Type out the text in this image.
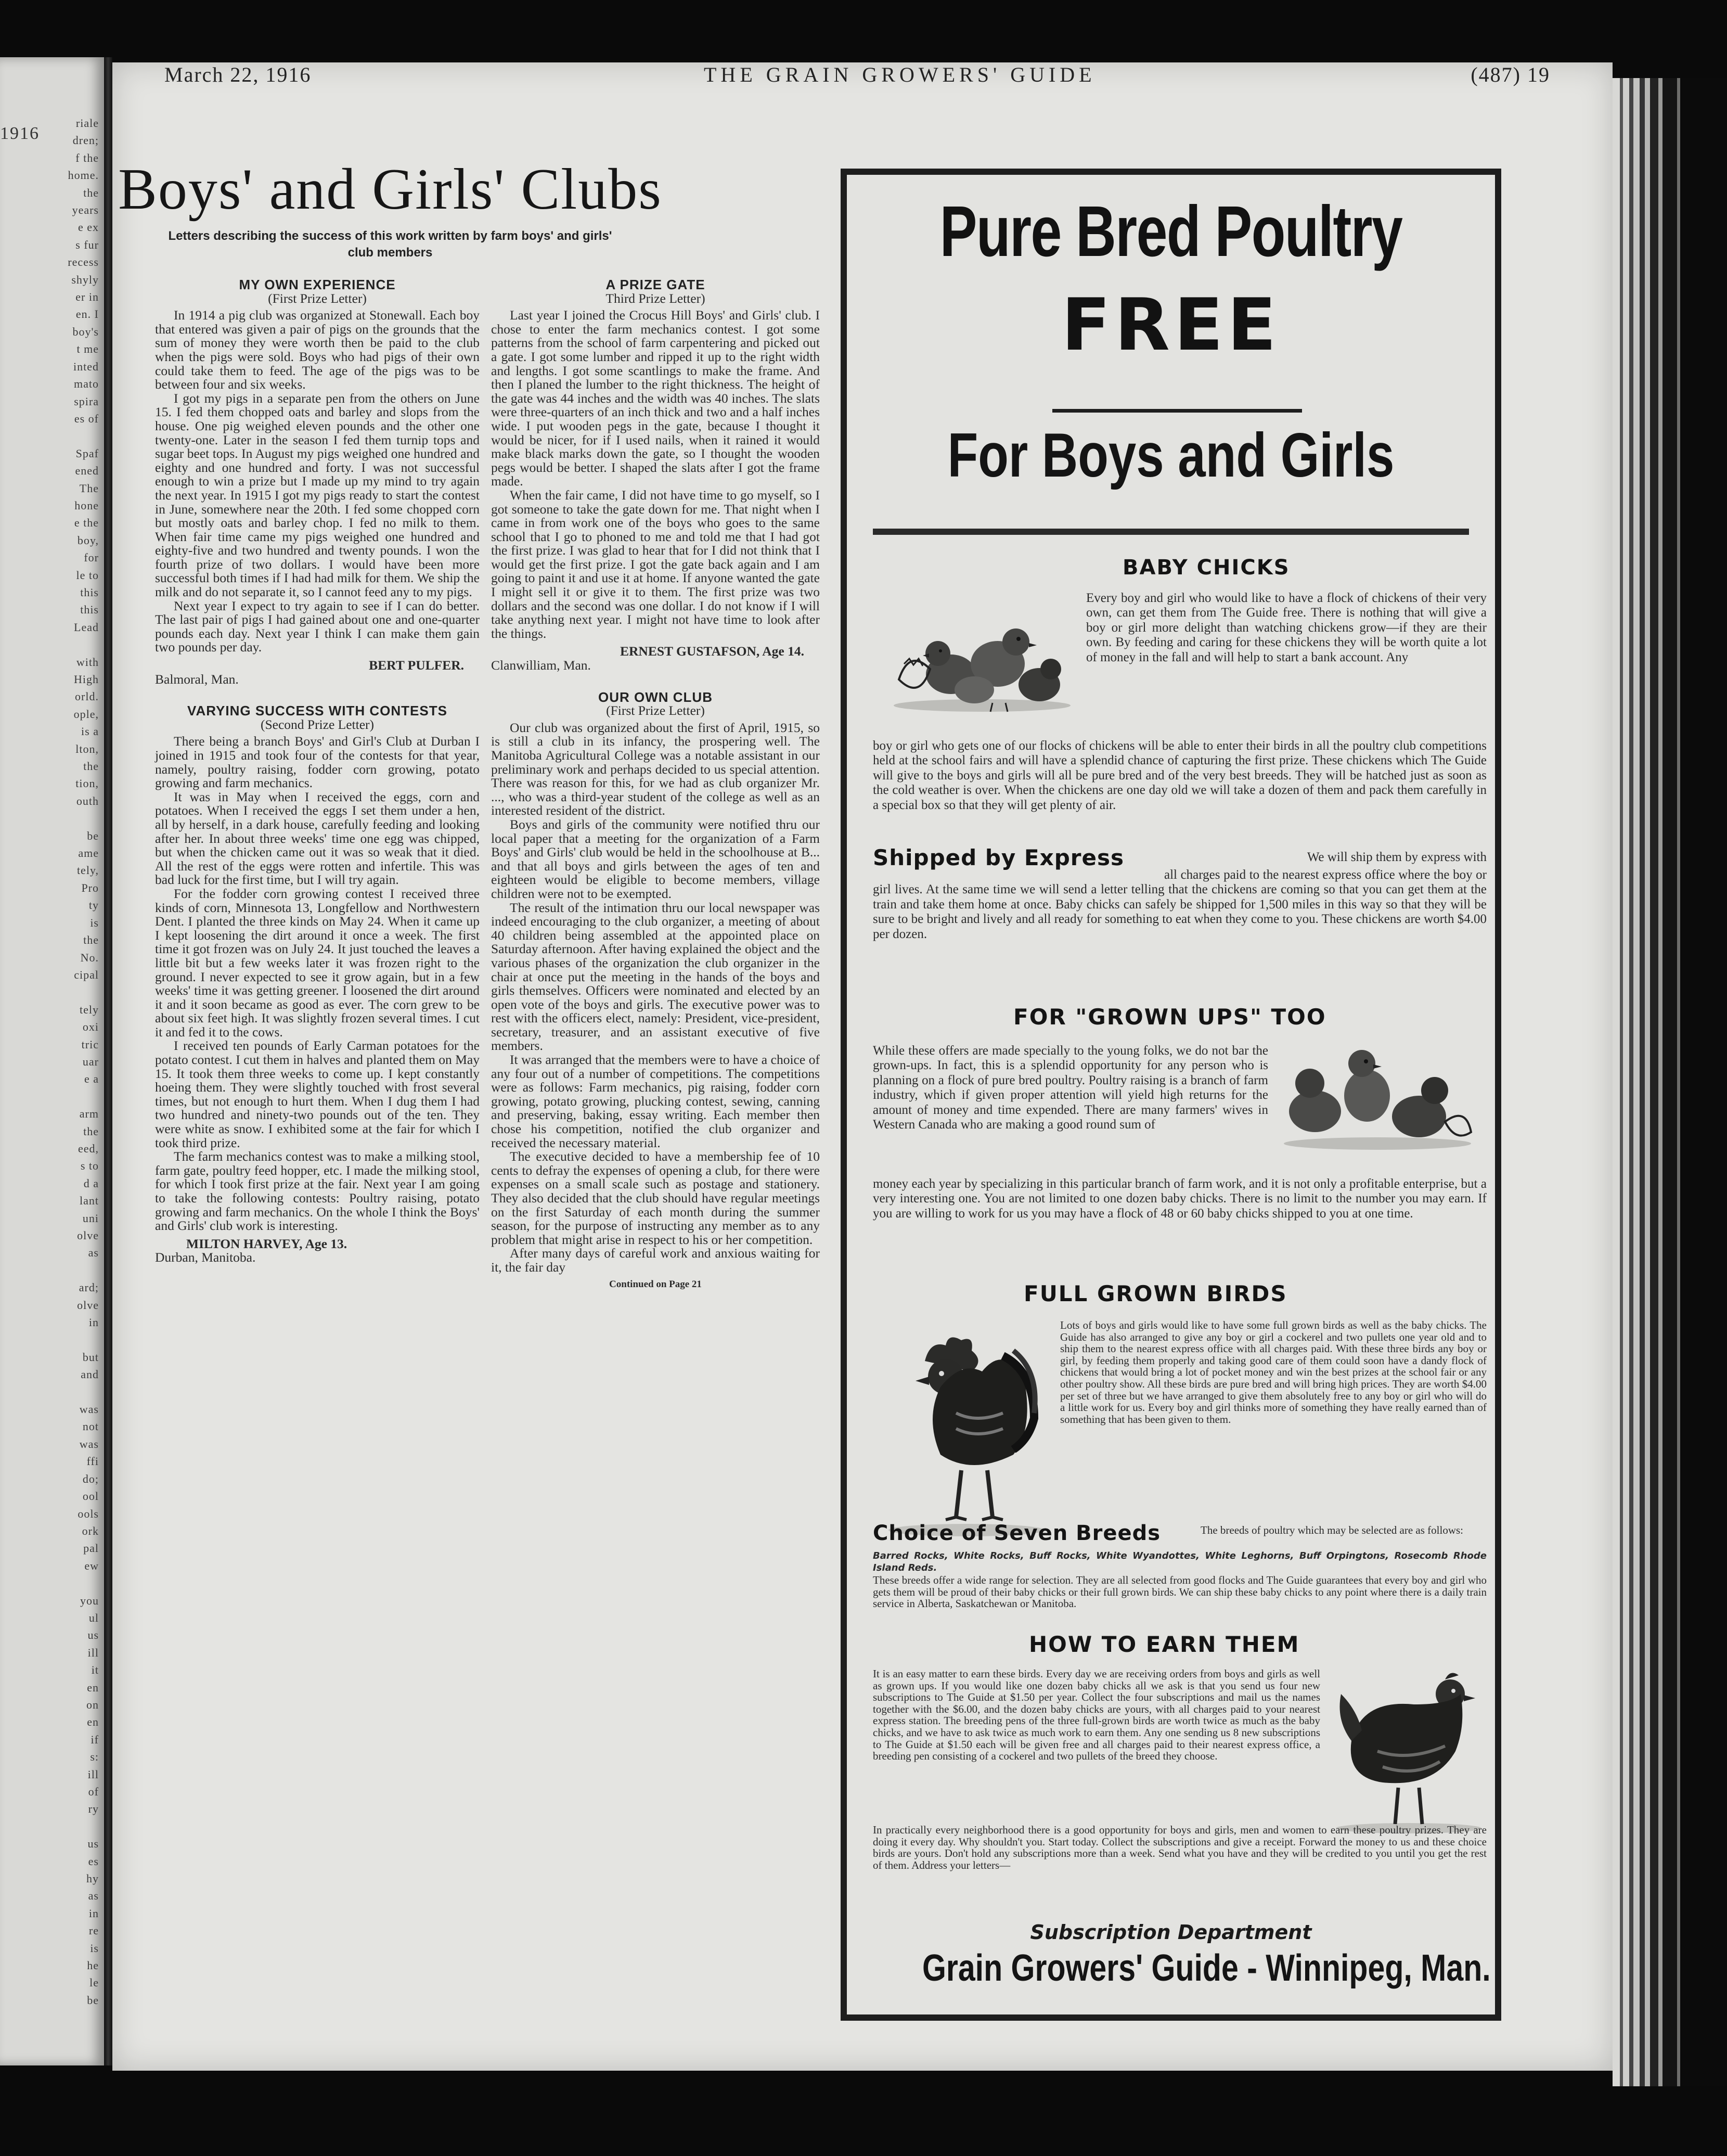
1916
riale
dren;
f the
home.
the
years
e ex
s fur
recess
shyly
er in
en. I
boy's
t me
inted
mato
spira
es of

Spaf
ened
The
hone
e the
boy,
for
le to
this
this
Lead

with
High
orld.
ople,
is a
lton,
the
tion,
outh

be
ame
tely,
Pro
ty
is
the
No.
cipal

tely
oxi
tric
uar
e a

arm
the
eed,
s to
d a
lant
uni
olve
as

ard;
olve
in

but
and

was
not
was
ffi
do;
ool
ools
ork
pal
ew

you
ul
us
ill
it
en
on
en
if
s:
ill
of
ry

us
es
hy
as
in
re
is
he
le
be
March 22, 1916	THE GRAIN GROWERS' GUIDE	(487) 19
Boys' and Girls' Clubs
Letters describing the success of this work written by farm boys' and girls' club members

MY OWN EXPERIENCE

(First Prize Letter)

In 1914 a pig club was organized at Stonewall. Each boy that entered was given a pair of pigs on the grounds that the sum of money they were worth then be paid to the club when the pigs were sold. Boys who had pigs of their own could take them to feed. The age of the pigs was to be between four and six weeks.

I got my pigs in a separate pen from the others on June 15. I fed them chopped oats and barley and slops from the house. One pig weighed eleven pounds and the other one twenty-one. Later in the season I fed them turnip tops and sugar beet tops. In August my pigs weighed one hundred and eighty and one hundred and forty. I was not successful enough to win a prize but I made up my mind to try again the next year. In 1915 I got my pigs ready to start the contest in June, somewhere near the 20th. I fed some chopped corn but mostly oats and barley chop. I fed no milk to them. When fair time came my pigs weighed one hundred and eighty-five and two hundred and twenty pounds. I won the fourth prize of two dollars. I would have been more successful both times if I had had milk for them. We ship the milk and do not separate it, so I cannot feed any to my pigs.

Next year I expect to try again to see if I can do better. The last pair of pigs I had gained about one and one-quarter pounds each day. Next year I think I can make them gain two pounds per day.

BERT PULFER.

Balmoral, Man.

VARYING SUCCESS WITH CONTESTS

(Second Prize Letter)

There being a branch Boys' and Girl's Club at Durban I joined in 1915 and took four of the contests for that year, namely, poultry raising, fodder corn growing, potato growing and farm mechanics.

It was in May when I received the eggs, corn and potatoes. When I received the eggs I set them under a hen, all by herself, in a dark house, carefully feeding and looking after her. In about three weeks' time one egg was chipped, but when the chicken came out it was so weak that it died. All the rest of the eggs were rotten and infertile. This was bad luck for the first time, but I will try again.

For the fodder corn growing contest I received three kinds of corn, Minnesota 13, Longfellow and Northwestern Dent. I planted the three kinds on May 24. When it came up I kept loosening the dirt around it once a week. The first time it got frozen was on July 24. It just touched the leaves a little bit but a few weeks later it was frozen right to the ground. I never expected to see it grow again, but in a few weeks' time it was getting greener. I loosened the dirt around it and it soon became as good as ever. The corn grew to be about six feet high. It was slightly frozen several times. I cut it and fed it to the cows.

I received ten pounds of Early Carman potatoes for the potato contest. I cut them in halves and planted them on May 15. It took them three weeks to come up. I kept constantly hoeing them. They were slightly touched with frost several times, but not enough to hurt them. When I dug them I had two hundred and ninety-two pounds out of the ten. They were white as snow. I exhibited some at the fair for which I took third prize.

The farm mechanics contest was to make a milking stool, farm gate, poultry feed hopper, etc. I made the milking stool, for which I took first prize at the fair. Next year I am going to take the following contests: Poultry raising, potato growing and farm mechanics. On the whole I think the Boys' and Girls' club work is interesting.

MILTON HARVEY, Age 13.

Durban, Manitoba.

A PRIZE GATE

Third Prize Letter)

Last year I joined the Crocus Hill Boys' and Girls' club. I chose to enter the farm mechanics contest. I got some patterns from the school of farm carpentering and picked out a gate. I got some lumber and ripped it up to the right width and lengths. I got some scantlings to make the frame. And then I planed the lumber to the right thickness. The height of the gate was 44 inches and the width was 40 inches. The slats were three-quarters of an inch thick and two and a half inches wide. I put wooden pegs in the gate, because I thought it would be nicer, for if I used nails, when it rained it would make black marks down the gate, so I thought the wooden pegs would be better. I shaped the slats after I got the frame made.

When the fair came, I did not have time to go myself, so I got someone to take the gate down for me. That night when I came in from work one of the boys who goes to the same school that I go to phoned to me and told me that I had got the first prize. I was glad to hear that for I did not think that I would get the first prize. I got the gate back again and I am going to paint it and use it at home. If anyone wanted the gate I might sell it or give it to them. The first prize was two dollars and the second was one dollar. I do not know if I will take anything next year. I might not have time to look after the things.

ERNEST GUSTAFSON, Age 14.

Clanwilliam, Man.

OUR OWN CLUB

(First Prize Letter)

Our club was organized about the first of April, 1915, so is still a club in its infancy, the prospering well. The Manitoba Agricultural College was a notable assistant in our preliminary work and perhaps decided to us special attention. There was reason for this, for we had as club organizer Mr. ..., who was a third-year student of the college as well as an interested resident of the district.

Boys and girls of the community were notified thru our local paper that a meeting for the organization of a Farm Boys' and Girls' club would be held in the schoolhouse at B... and that all boys and girls between the ages of ten and eighteen would be eligible to become members, village children were not to be exempted.

The result of the intimation thru our local newspaper was indeed encouraging to the club organizer, a meeting of about 40 children being assembled at the appointed place on Saturday afternoon. After having explained the object and the various phases of the organization the club organizer in the chair at once put the meeting in the hands of the boys and girls themselves. Officers were nominated and elected by an open vote of the boys and girls. The executive power was to rest with the officers elect, namely: President, vice-president, secretary, treasurer, and an assistant executive of five members.

It was arranged that the members were to have a choice of any four out of a number of competitions. The competitions were as follows: Farm mechanics, pig raising, fodder corn growing, potato growing, plucking contest, sewing, canning and preserving, baking, essay writing. Each member then chose his competition, notified the club organizer and received the necessary material.

The executive decided to have a membership fee of 10 cents to defray the expenses of opening a club, for there were expenses on a small scale such as postage and stationery. They also decided that the club should have regular meetings on the first Saturday of each month during the summer season, for the purpose of instructing any member as to any problem that might arise in respect to his or her competition.

After many days of careful work and anxious waiting for it, the fair day

Continued on Page 21

Pure Bred Poultry
FREE
For Boys and Girls
BABY CHICKS
Every boy and girl who would like to have a flock of chickens of their very own, can get them from The Guide free. There is nothing that will give a boy or girl more delight than watching chickens grow—if they are their own. By feeding and caring for these chickens they will be worth quite a lot of money in the fall and will help to start a bank account. Any
boy or girl who gets one of our flocks of chickens will be able to enter their birds in all the poultry club competitions held at the school fairs and will have a splendid chance of capturing the first prize. These chickens which The Guide will give to the boys and girls will all be pure bred and of the very best breeds. They will be hatched just as soon as the cold weather is over. When the chickens are one day old we will take a dozen of them and pack them carefully in a special box so that they will get plenty of air.
Shipped by Express	We will ship them by express with
all charges paid to the nearest express office where the boy or girl lives. At the same time we will send a letter telling that the chickens are coming so that you can get them at the train and take them home at once. Baby chicks can safely be shipped for 1,500 miles in this way so that they will be sure to be bright and lively and all ready for something to eat when they come to you. These chickens are worth $4.00 per dozen.
FOR "GROWN UPS" TOO
While these offers are made specially to the young folks, we do not bar the grown-ups. In fact, this is a splendid opportunity for any person who is planning on a flock of pure bred poultry. Poultry raising is a branch of farm industry, which if given proper attention will yield high returns for the amount of money and time expended. There are many farmers' wives in Western Canada who are making a good round sum of
money each year by specializing in this particular branch of farm work, and it is not only a profitable enterprise, but a very interesting one. You are not limited to one dozen baby chicks. There is no limit to the number you may earn. If you are willing to work for us you may have a flock of 48 or 60 baby chicks shipped to you at one time.
FULL GROWN BIRDS
Lots of boys and girls would like to have some full grown birds as well as the baby chicks. The Guide has also arranged to give any boy or girl a cockerel and two pullets one year old and to ship them to the nearest express office with all charges paid. With these three birds any boy or girl, by feeding them properly and taking good care of them could soon have a dandy flock of chickens that would bring a lot of pocket money and win the best prizes at the school fair or any other poultry show. All these birds are pure bred and will bring high prices. They are worth $4.00 per set of three but we have arranged to give them absolutely free to any boy or girl who will do a little work for us. Every boy and girl thinks more of something they have really earned than of something that has been given to them.
Choice of Seven Breeds	The breeds of poultry which may be selected are as follows:
Barred Rocks, White Rocks, Buff Rocks, White Wyandottes, White Leghorns, Buff Orpingtons, Rosecomb Rhode Island Reds.
These breeds offer a wide range for selection. They are all selected from good flocks and The Guide guarantees that every boy and girl who gets them will be proud of their baby chicks or their full grown birds. We can ship these baby chicks to any point where there is a daily train service in Alberta, Saskatchewan or Manitoba.
HOW TO EARN THEM
It is an easy matter to earn these birds. Every day we are receiving orders from boys and girls as well as grown ups. If you would like one dozen baby chicks all we ask is that you send us four new subscriptions to The Guide at $1.50 per year. Collect the four subscriptions and mail us the names together with the $6.00, and the dozen baby chicks are yours, with all charges paid to your nearest express station. The breeding pens of the three full-grown birds are worth twice as much as the baby chicks, and we have to ask twice as much work to earn them. Any one sending us 8 new subscriptions to The Guide at $1.50 each will be given free and all charges paid to their nearest express office, a breeding pen consisting of a cockerel and two pullets of the breed they choose.
In practically every neighborhood there is a good opportunity for boys and girls, men and women to earn these poultry prizes. They are doing it every day. Why shouldn't you. Start today. Collect the subscriptions and give a receipt. Forward the money to us and these choice birds are yours. Don't hold any subscriptions more than a week. Send what you have and they will be credited to you until you get the rest of them. Address your letters—
Subscription Department
Grain Growers' Guide - Winnipeg, Man.
